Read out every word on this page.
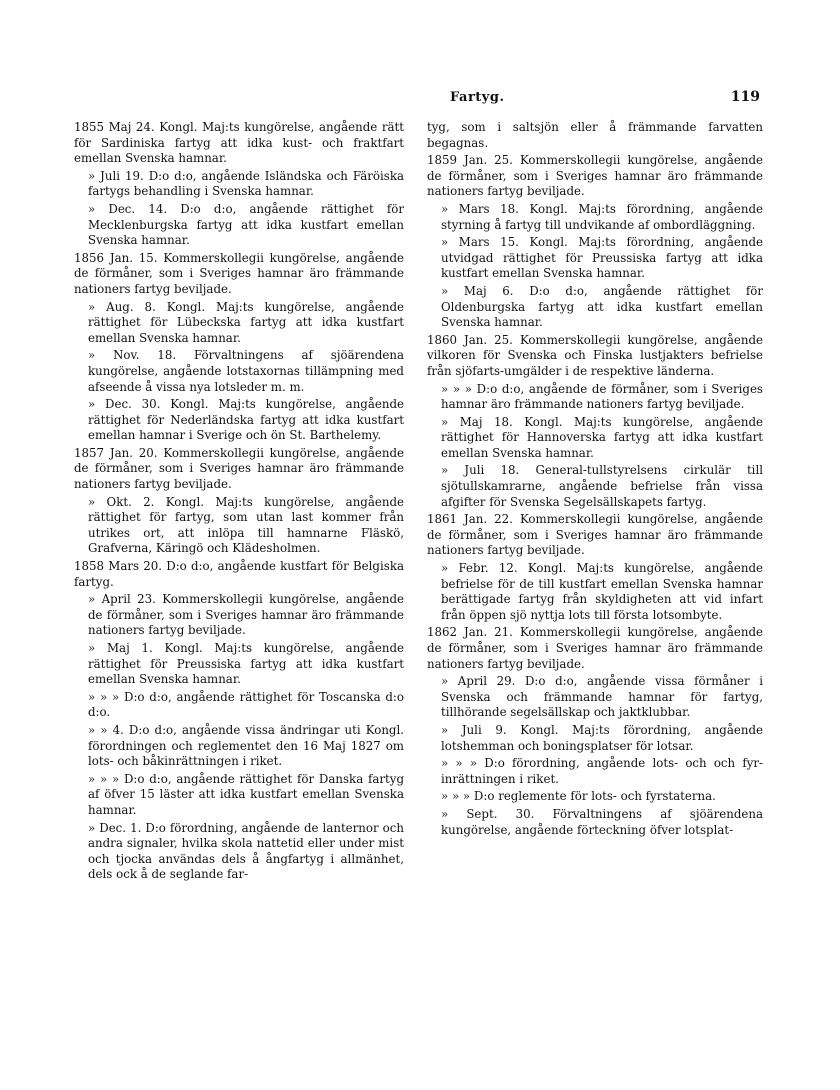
Fartyg.	119

1855 Maj 24. Kongl. Maj:ts kungörelse, angående rätt för Sardiniska fartyg att idka kust- och fraktfart emellan Svenska hamnar.

» Juli 19. D:o d:o, angående Isländska och Färöiska fartygs behandling i Svenska hamnar.

» Dec. 14. D:o d:o, angående rättighet för Mecklenburgska fartyg att idka kustfart emellan Svenska hamnar.

1856 Jan. 15. Kommerskollegii kungörelse, angående de förmåner, som i Sveriges hamnar äro främmande nationers fartyg beviljade.

» Aug. 8. Kongl. Maj:ts kungörelse, angående rättighet för Lübeckska fartyg att idka kustfart emellan Svenska hamnar.

» Nov. 18. Förvaltningens af sjöärendena kungörelse, angående lotstaxornas tillämpning med afseende å vissa nya lotsleder m. m.

» Dec. 30. Kongl. Maj:ts kungörelse, angående rättighet för Nederländska fartyg att idka kustfart emellan hamnar i Sverige och ön St. Barthelemy.

1857 Jan. 20. Kommerskollegii kungörelse, angående de förmåner, som i Sveriges hamnar äro främmande nationers fartyg beviljade.

» Okt. 2. Kongl. Maj:ts kungörelse, angående rättighet för fartyg, som utan last kommer från utrikes ort, att inlöpa till hamnarne Fläskö, Grafverna, Käringö och Klädesholmen.

1858 Mars 20. D:o d:o, angående kustfart för Belgiska fartyg.

» April 23. Kommerskollegii kungörelse, angående de förmåner, som i Sveriges hamnar äro främmande nationers fartyg beviljade.

» Maj 1. Kongl. Maj:ts kungörelse, angående rättighet för Preussiska fartyg att idka kustfart emellan Svenska hamnar.

» » » D:o d:o, angående rättighet för Toscanska d:o d:o.

» » 4. D:o d:o, angående vissa ändringar uti Kongl. förordningen och reglementet den 16 Maj 1827 om lots- och båkinrättningen i riket.

» » » D:o d:o, angående rättighet för Danska fartyg af öfver 15 läster att idka kustfart emellan Svenska hamnar.

» Dec. 1. D:o förordning, angående de lanternor och andra signaler, hvilka skola nattetid eller under mist och tjocka användas dels å ångfartyg i allmänhet, dels ock å de seglande far-

tyg, som i saltsjön eller å främmande farvatten begagnas.

1859 Jan. 25. Kommerskollegii kungörelse, angående de förmåner, som i Sveriges hamnar äro främmande nationers fartyg beviljade.

» Mars 18. Kongl. Maj:ts förordning, angående styrning å fartyg till undvikande af ombordläggning.

» Mars 15. Kongl. Maj:ts förordning, angående utvidgad rättighet för Preussiska fartyg att idka kustfart emellan Svenska hamnar.

» Maj 6. D:o d:o, angående rättighet för Oldenburgska fartyg att idka kustfart emellan Svenska hamnar.

1860 Jan. 25. Kommerskollegii kungörelse, angående vilkoren för Svenska och Finska lustjakters befrielse från sjöfarts-umgälder i de respektive länderna.

» » » D:o d:o, angående de förmåner, som i Sveriges hamnar äro främmande nationers fartyg beviljade.

» Maj 18. Kongl. Maj:ts kungörelse, angående rättighet för Hannoverska fartyg att idka kustfart emellan Svenska hamnar.

» Juli 18. General-tullstyrelsens cirkulär till sjötullskamrarne, angående befrielse från vissa afgifter för Svenska Segelsällskapets fartyg.

1861 Jan. 22. Kommerskollegii kungörelse, angående de förmåner, som i Sveriges hamnar äro främmande nationers fartyg beviljade.

» Febr. 12. Kongl. Maj:ts kungörelse, angående befrielse för de till kustfart emellan Svenska hamnar berättigade fartyg från skyldigheten att vid infart från öppen sjö nyttja lots till första lotsombyte.

1862 Jan. 21. Kommerskollegii kungörelse, angående de förmåner, som i Sveriges hamnar äro främmande nationers fartyg beviljade.

» April 29. D:o d:o, angående vissa förmåner i Svenska och främmande hamnar för fartyg, tillhörande segelsällskap och jaktklubbar.

» Juli 9. Kongl. Maj:ts förordning, angående lotshemman och boningsplatser för lotsar.

» » » D:o förordning, angående lots- och och fyr-inrättningen i riket.

» » » D:o reglemente för lots- och fyrstaterna.

» Sept. 30. Förvaltningens af sjöärendena kungörelse, angående förteckning öfver lotsplat-
